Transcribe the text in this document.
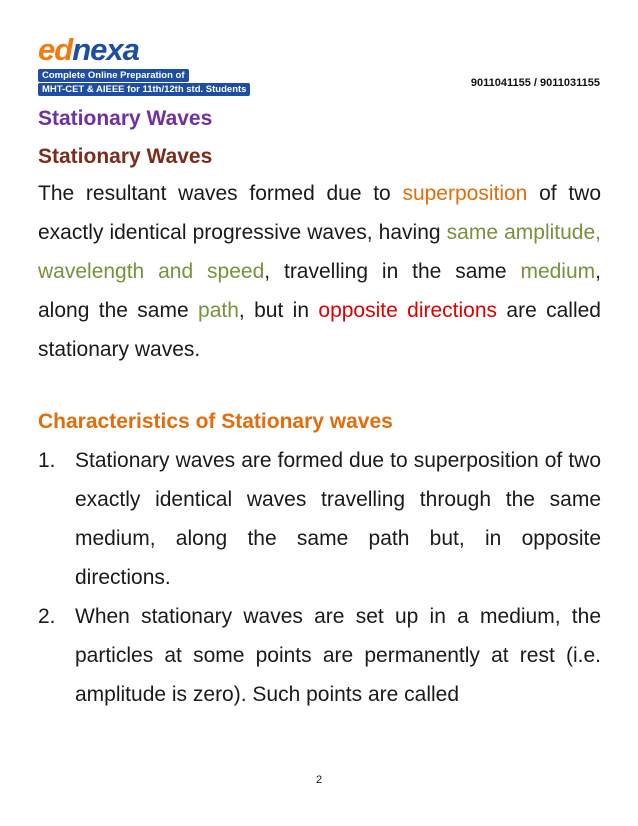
ednexa
Complete Online Preparation of
MHT-CET & AIEEE for 11th/12th std. Students
9011041155 / 9011031155
Stationary Waves
Stationary Waves

The resultant waves formed due to superposition of two exactly identical progressive waves, having same amplitude, wavelength and speed, travelling in the same medium, along the same path, but in opposite directions are called stationary waves.

Characteristics of Stationary waves
1. Stationary waves are formed due to superposition of two exactly identical waves travelling through the same medium, along the same path but, in opposite directions.
2. When stationary waves are set up in a medium, the particles at some points are permanently at rest (i.e. amplitude is zero). Such points are called
2
